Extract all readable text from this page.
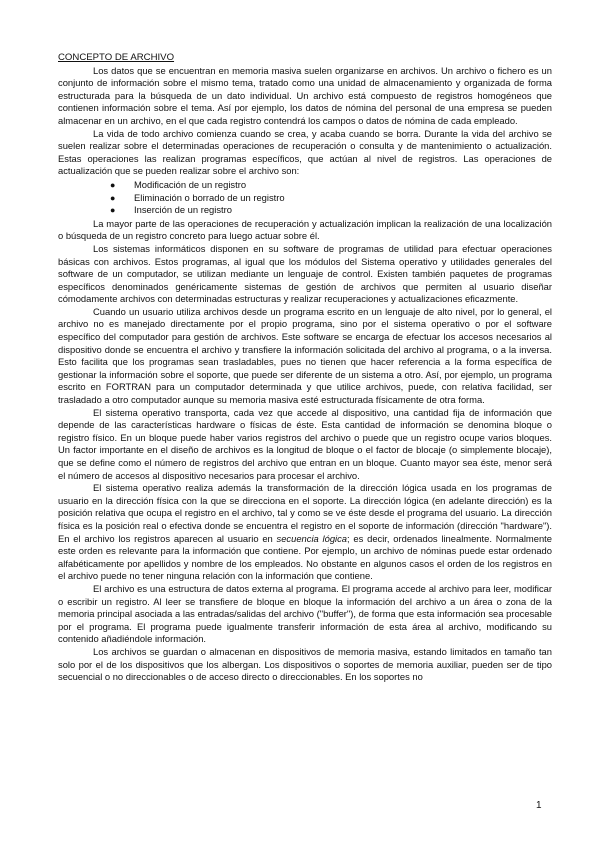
CONCEPTO DE ARCHIVO

Los datos que se encuentran en memoria masiva suelen organizarse en archivos. Un archivo o fichero es un conjunto de información sobre el mismo tema, tratado como una unidad de almacenamiento y organizada de forma estructurada para la búsqueda de un dato individual. Un archivo está compuesto de registros homogéneos que contienen información sobre el tema. Así por ejemplo, los datos de nómina del personal de una empresa se pueden almacenar en un archivo, en el que cada registro contendrá los campos o datos de nómina de cada empleado.

La vida de todo archivo comienza cuando se crea, y acaba cuando se borra. Durante la vida del archivo se suelen realizar sobre el determinadas operaciones de recuperación o consulta y de mantenimiento o actualización. Estas operaciones las realizan programas específicos, que actúan al nivel de registros. Las operaciones de actualización que se pueden realizar sobre el archivo son:

● Modificación de un registro
● Eliminación o borrado de un registro
● Inserción de un registro

La mayor parte de las operaciones de recuperación y actualización implican la realización de una localización o búsqueda de un registro concreto para luego actuar sobre él.

Los sistemas informáticos disponen en su software de programas de utilidad para efectuar operaciones básicas con archivos. Estos programas, al igual que los módulos del Sistema operativo y utilidades generales del software de un computador, se utilizan mediante un lenguaje de control. Existen también paquetes de programas específicos denominados genéricamente sistemas de gestión de archivos que permiten al usuario diseñar cómodamente archivos con determinadas estructuras y realizar recuperaciones y actualizaciones eficazmente.

Cuando un usuario utiliza archivos desde un programa escrito en un lenguaje de alto nivel, por lo general, el archivo no es manejado directamente por el propio programa, sino por el sistema operativo o por el software específico del computador para gestión de archivos. Este software se encarga de efectuar los accesos necesarios al dispositivo donde se encuentra el archivo y transfiere la información solicitada del archivo al programa, o a la inversa. Esto facilita que los programas sean trasladables, pues no tienen que hacer referencia a la forma específica de gestionar la información sobre el soporte, que puede ser diferente de un sistema a otro. Así, por ejemplo, un programa escrito en FORTRAN para un computador determinada y que utilice archivos, puede, con relativa facilidad, ser trasladado a otro computador aunque su memoria masiva esté estructurada físicamente de otra forma.

El sistema operativo transporta, cada vez que accede al dispositivo, una cantidad fija de información que depende de las características hardware o físicas de éste. Esta cantidad de información se denomina bloque o registro físico. En un bloque puede haber varios registros del archivo o puede que un registro ocupe varios bloques. Un factor importante en el diseño de archivos es la longitud de bloque o el factor de blocaje (o simplemente blocaje), que se define como el número de registros del archivo que entran en un bloque. Cuanto mayor sea éste, menor será el número de accesos al dispositivo necesarios para procesar el archivo.

El sistema operativo realiza además la transformación de la dirección lógica usada en los programas de usuario en la dirección física con la que se direcciona en el soporte. La dirección lógica (en adelante dirección) es la posición relativa que ocupa el registro en el archivo, tal y como se ve éste desde el programa del usuario. La dirección física es la posición real o efectiva donde se encuentra el registro en el soporte de información (dirección "hardware"). En el archivo los registros aparecen al usuario en secuencia lógica; es decir, ordenados linealmente. Normalmente este orden es relevante para la información que contiene. Por ejemplo, un archivo de nóminas puede estar ordenado alfabéticamente por apellidos y nombre de los empleados. No obstante en algunos casos el orden de los registros en el archivo puede no tener ninguna relación con la información que contiene.

El archivo es una estructura de datos externa al programa. El programa accede al archivo para leer, modificar o escribir un registro. Al leer se transfiere de bloque en bloque la información del archivo a un área o zona de la memoria principal asociada a las entradas/salidas del archivo ("buffer"), de forma que esta información sea procesable por el programa. El programa puede igualmente transferir información de esta área al archivo, modificando su contenido añadiéndole información.

Los archivos se guardan o almacenan en dispositivos de memoria masiva, estando limitados en tamaño tan solo por el de los dispositivos que los albergan. Los dispositivos o soportes de memoria auxiliar, pueden ser de tipo secuencial o no direccionables o de acceso directo o direccionables. En los soportes no

1
